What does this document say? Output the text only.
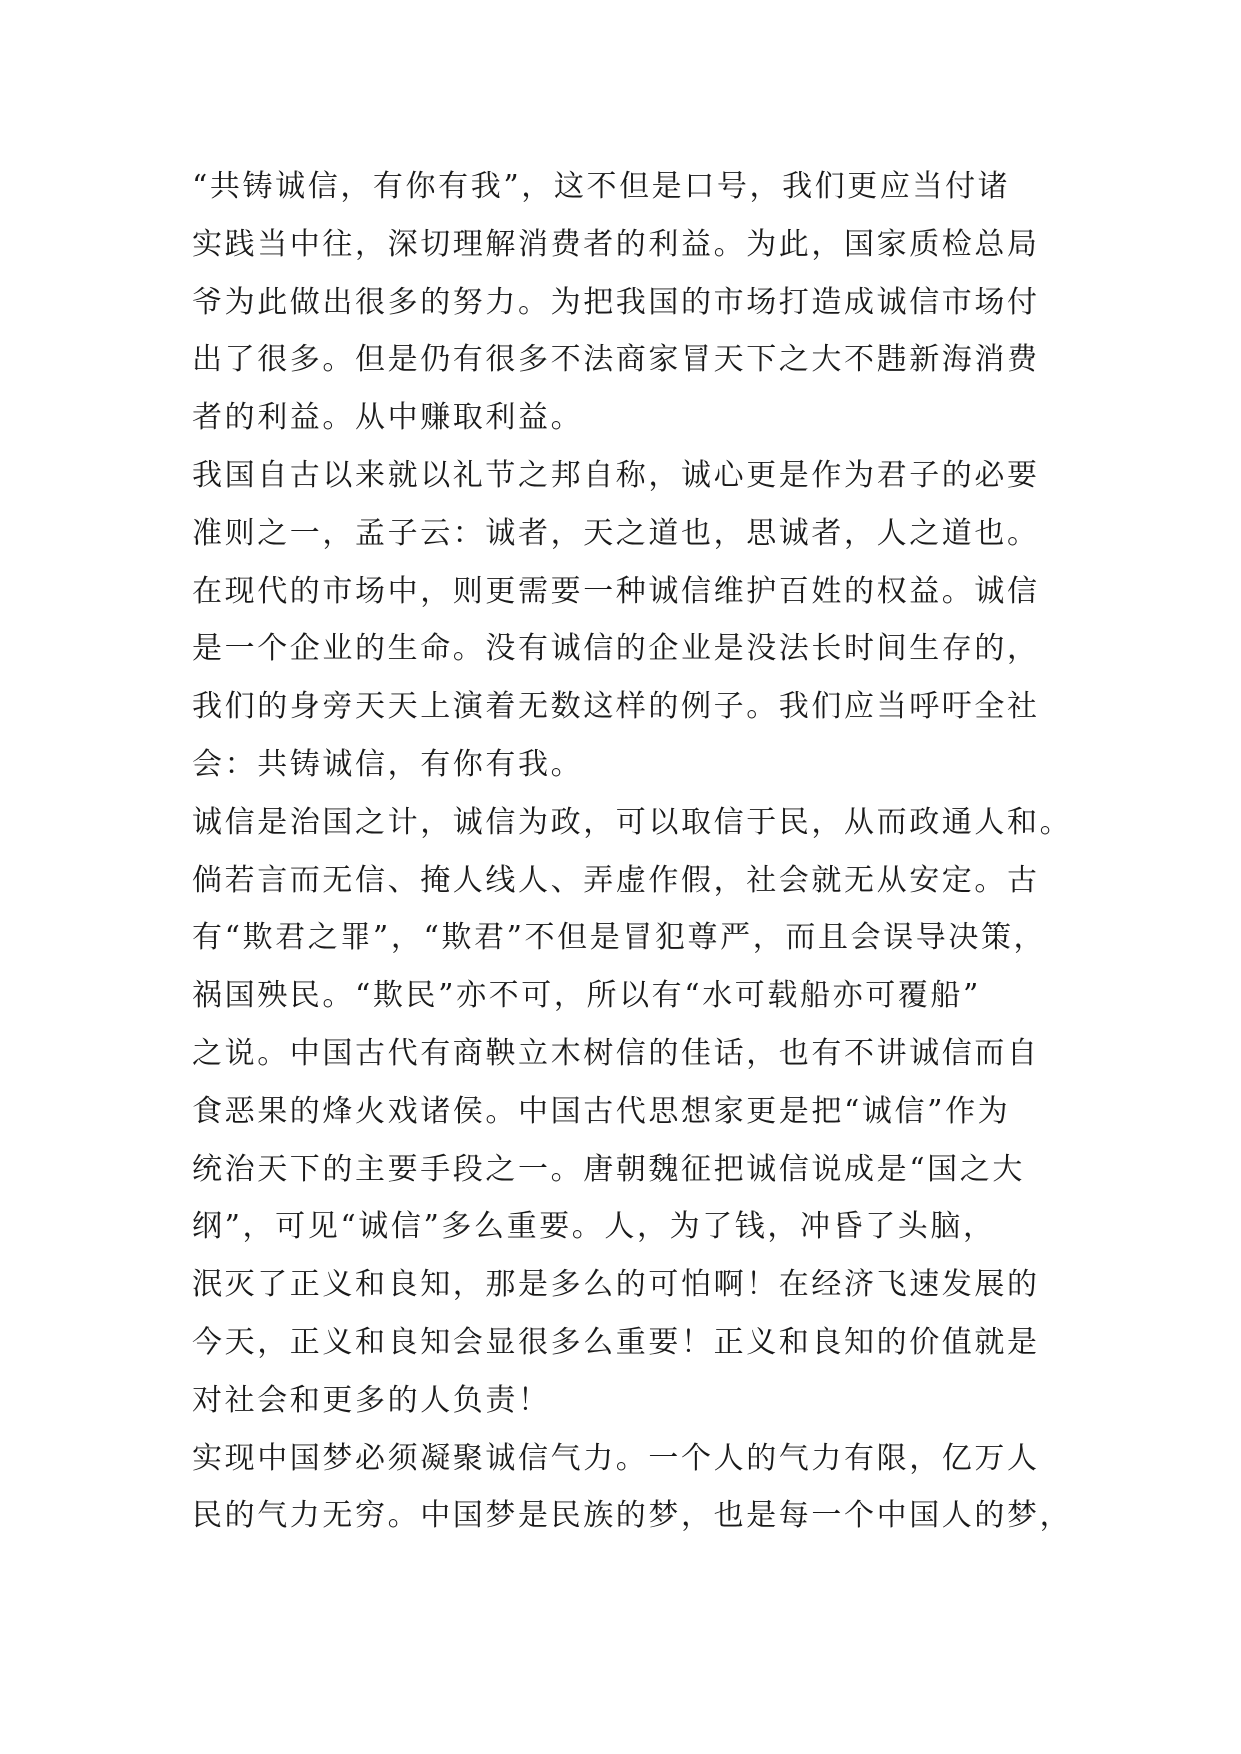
“共铸诚信，有你有我”，这不但是口号，我们更应当付诸
实践当中往，深切理解消费者的利益。为此，国家质检总局
爷为此做出很多的努力。为把我国的市场打造成诚信市场付
出了很多。但是仍有很多不法商家冒天下之大不韪新海消费
者的利益。从中赚取利益。
我国自古以来就以礼节之邦自称，诚心更是作为君子的必要
准则之一，孟子云：诚者，天之道也，思诚者，人之道也。
在现代的市场中，则更需要一种诚信维护百姓的权益。诚信
是一个企业的生命。没有诚信的企业是没法长时间生存的，
我们的身旁天天上演着无数这样的例子。我们应当呼吁全社
会：共铸诚信，有你有我。
诚信是治国之计，诚信为政，可以取信于民，从而政通人和。
倘若言而无信、掩人线人、弄虚作假，社会就无从安定。古
有“欺君之罪”，“欺君”不但是冒犯尊严，而且会误导决策，
祸国殃民。“欺民”亦不可，所以有“水可载船亦可覆船”
之说。中国古代有商鞅立木树信的佳话，也有不讲诚信而自
食恶果的烽火戏诸侯。中国古代思想家更是把“诚信”作为
统治天下的主要手段之一。唐朝魏征把诚信说成是“国之大
纲”，可见“诚信”多么重要。人，为了钱，冲昏了头脑，
泯灭了正义和良知，那是多么的可怕啊！在经济飞速发展的
今天，正义和良知会显很多么重要！正义和良知的价值就是
对社会和更多的人负责！
实现中国梦必须凝聚诚信气力。一个人的气力有限，亿万人
民的气力无穷。中国梦是民族的梦，也是每一个中国人的梦，
